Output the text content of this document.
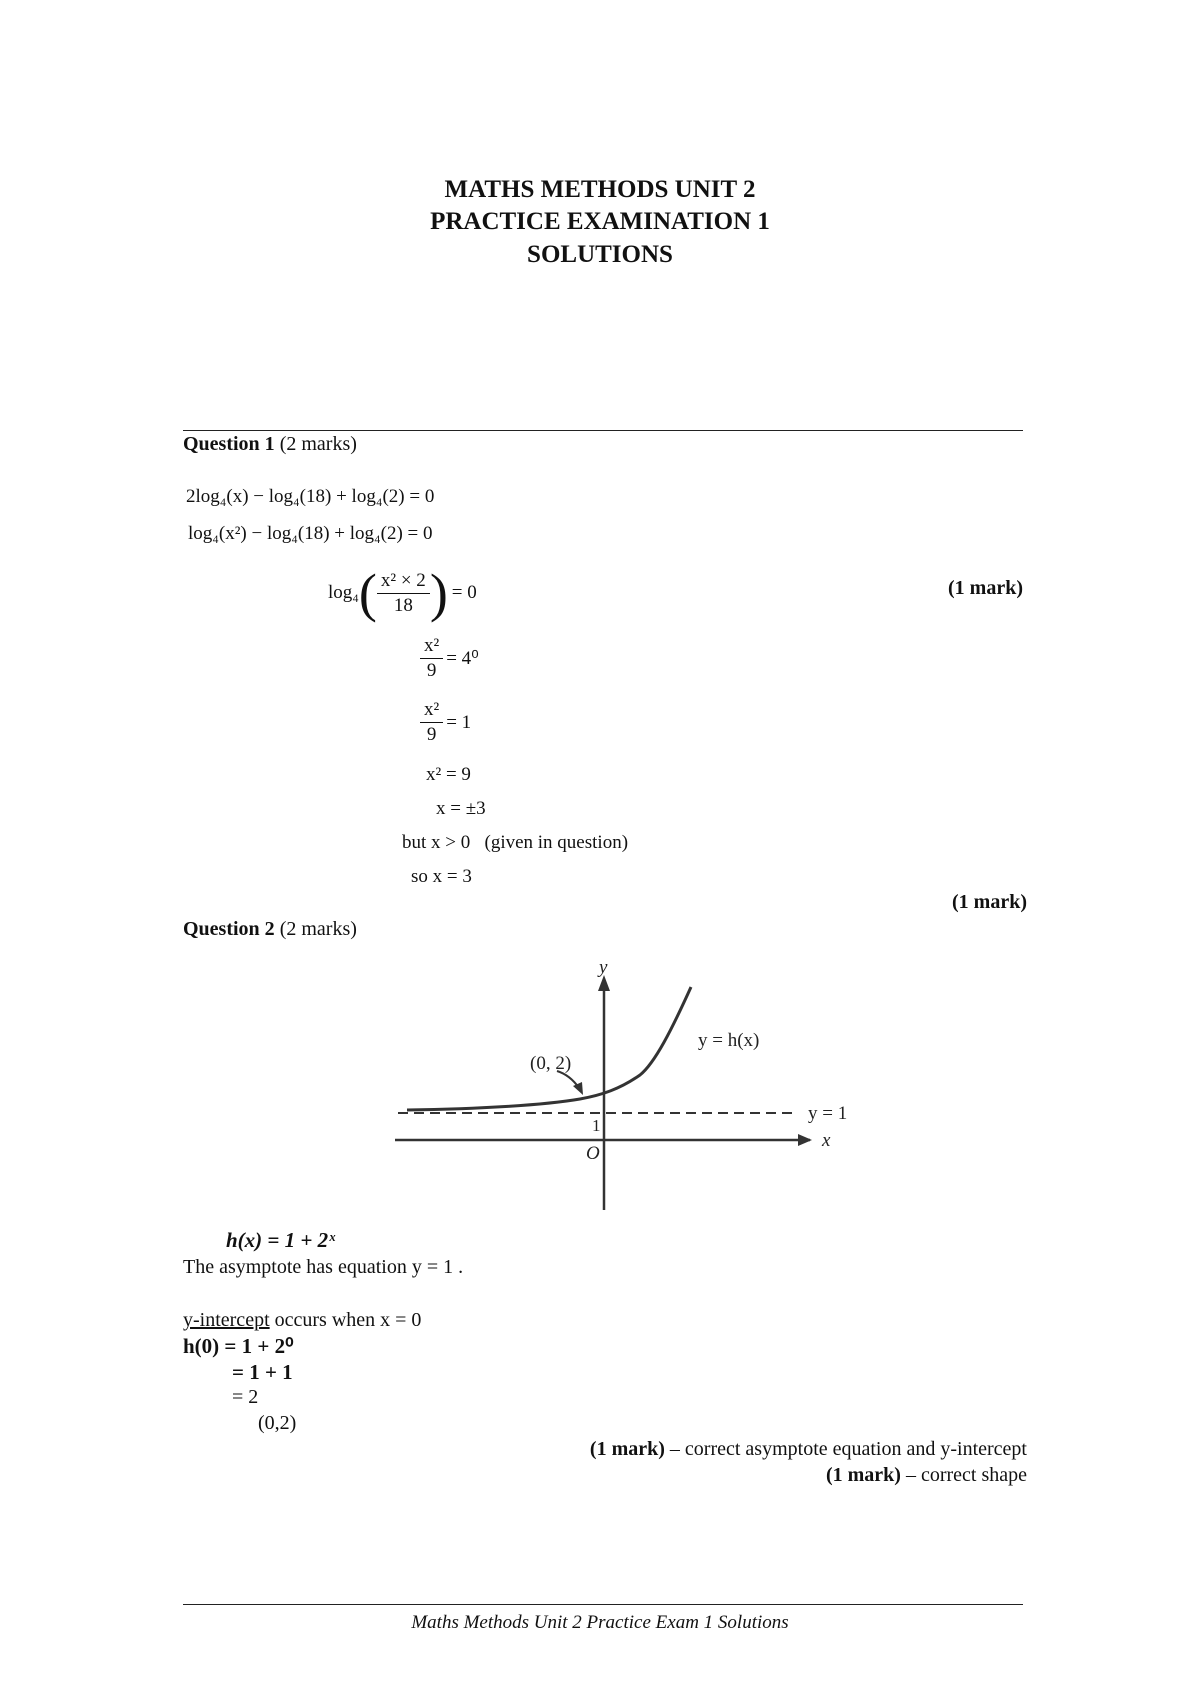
MATHS METHODS UNIT 2
PRACTICE EXAMINATION 1
SOLUTIONS
Question 1 (2 marks)
2log₄(x) − log₄(18) + log₄(2) = 0
log₄(x²) − log₄(18) + log₄(2) = 0
log₄ ( $\frac{\text{x² × 2}}{18}$ ) = 0	(1 mark)
$\frac{\text{x²}}{9} = 4^0$
$\frac{\text{x²}}{9} = 1$
x² = 9
x = ±3
but x > 0   (given in question)
so x = 3
(1 mark)
Question 2 (2 marks)
y
x
O
1
y = h(x)
y = 1
(0, 2)
h(x) = 1 + 2ˣ
The asymptote has equation y = 1 .
y-intercept occurs when x = 0
h(0) = 1 + 2⁰
= 1 + 1
= 2
(0,2)
(1 mark) – correct asymptote equation and y-intercept
(1 mark) – correct shape
Maths Methods Unit 2 Practice Exam 1 Solutions
